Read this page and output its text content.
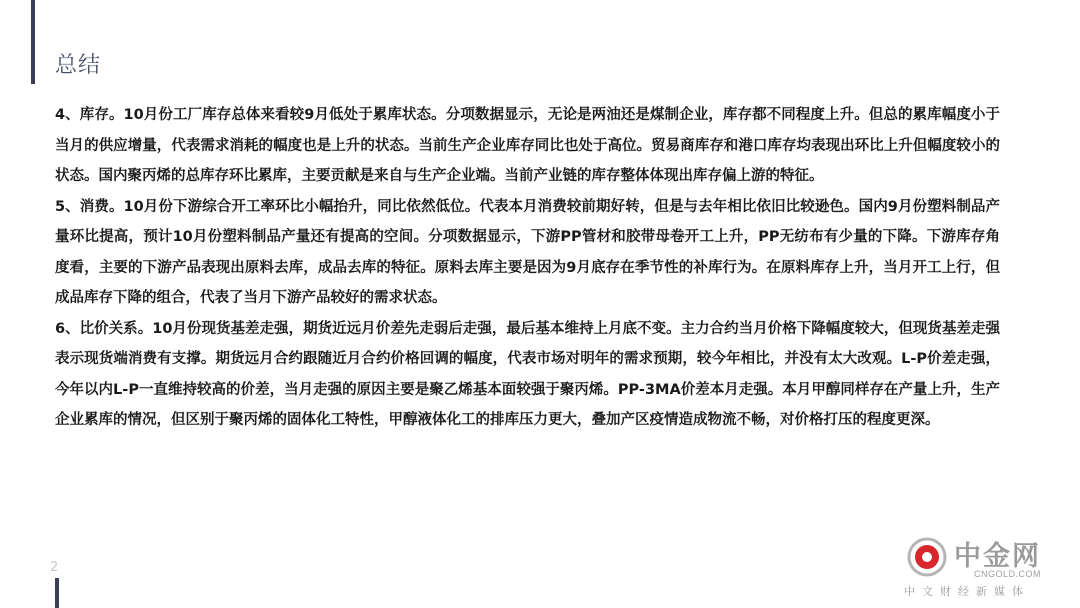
总结

4、库存。10月份工厂库存总体来看较9月低处于累库状态。分项数据显示，无论是两油还是煤制企业，库存都不同程度上升。但总的累库幅度小于当月的供应增量，代表需求消耗的幅度也是上升的状态。当前生产企业库存同比也处于高位。贸易商库存和港口库存均表现出环比上升但幅度较小的状态。国内聚丙烯的总库存环比累库，主要贡献是来自与生产企业端。当前产业链的库存整体体现出库存偏上游的特征。

5、消费。10月份下游综合开工率环比小幅抬升，同比依然低位。代表本月消费较前期好转，但是与去年相比依旧比较逊色。国内9月份塑料制品产量环比提高，预计10月份塑料制品产量还有提高的空间。分项数据显示，下游PP管材和胶带母卷开工上升，PP无纺布有少量的下降。下游库存角度看，主要的下游产品表现出原料去库，成品去库的特征。原料去库主要是因为9月底存在季节性的补库行为。在原料库存上升，当月开工上行，但成品库存下降的组合，代表了当月下游产品较好的需求状态。

6、比价关系。10月份现货基差走强，期货近远月价差先走弱后走强，最后基本维持上月底不变。主力合约当月价格下降幅度较大，但现货基差走强表示现货端消费有支撑。期货远月合约跟随近月合约价格回调的幅度，代表市场对明年的需求预期，较今年相比，并没有太大改观。L-P价差走强，今年以内L-P一直维持较高的价差，当月走强的原因主要是聚乙烯基本面较强于聚丙烯。PP-3MA价差本月走强。本月甲醇同样存在产量上升，生产企业累库的情况，但区别于聚丙烯的固体化工特性，甲醇液体化工的排库压力更大，叠加产区疫情造成物流不畅，对价格打压的程度更深。

2	中金网
CNGOLD.COM
中文财经新媒体
